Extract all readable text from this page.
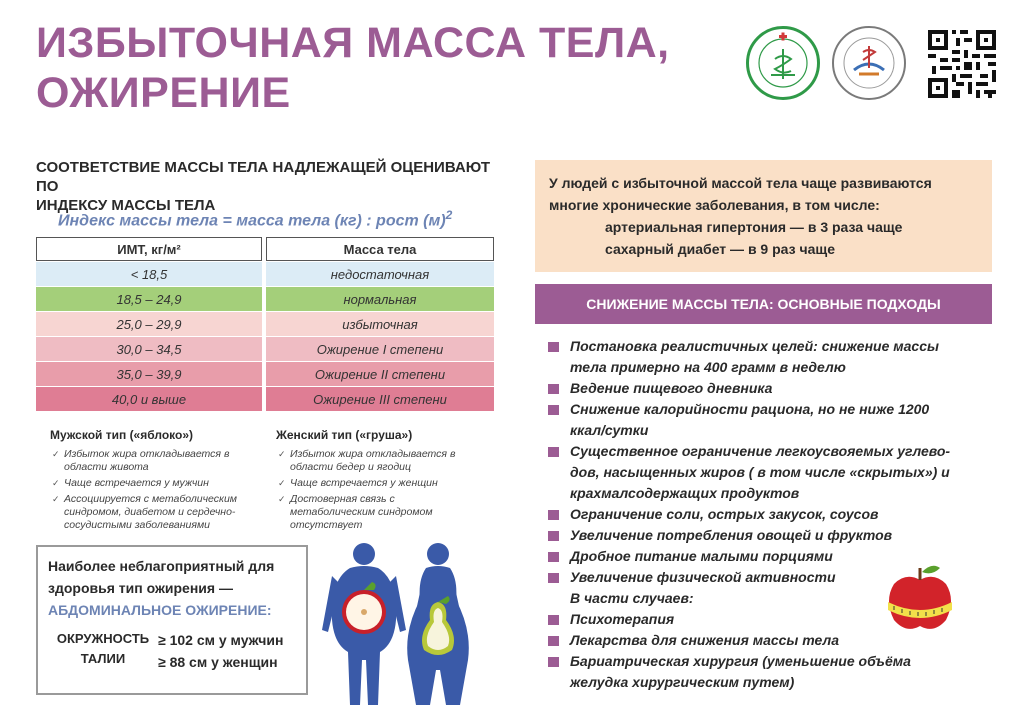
ИЗБЫТОЧНАЯ МАССА ТЕЛА,
ОЖИРЕНИЕ
СООТВЕТСТВИЕ МАССЫ ТЕЛА НАДЛЕЖАЩЕЙ ОЦЕНИВАЮТ ПО
ИНДЕКСУ МАССЫ ТЕЛА
Индекс массы тела = масса тела (кг) : рост $(м)^2$
ИМТ, кг/м²	Масса тела
< 18,5	недостаточная
18,5 – 24,9	нормальная
25,0 – 29,9	избыточная
30,0 – 34,5	Ожирение I степени
35,0 – 39,9	Ожирение II степени
40,0 и выше	Ожирение III степени
Мужской тип («яблоко»)
✓ Избыток жира откладывается в области живота
✓ Чаще встречается у мужчин
✓ Ассоциируется с метаболическим синдромом, диабетом и сердечно-сосудистыми заболеваниями
Женский тип («груша»)
✓ Избыток жира откладывается в области бедер и ягодиц
✓ Чаще встречается у женщин
✓ Достоверная связь с метаболическим синдромом отсутствует
Наиболее неблагоприятный для
здоровья тип ожирения —
АБДОМИНАЛЬНОЕ ОЖИРЕНИЕ:
ОКРУЖНОСТЬ
ТАЛИИ
≥ 102 см у мужчин
≥ 88 см у женщин
У людей с избыточной массой тела чаще развиваются
многие хронические заболевания, в том числе:
артериальная гипертония — в 3 раза чаще
сахарный диабет — в 9 раз чаще
СНИЖЕНИЕ МАССЫ ТЕЛА: ОСНОВНЫЕ ПОДХОДЫ
Постановка реалистичных целей: снижение массы
тела примерно на 400 грамм в неделю
Ведение пищевого дневника
Снижение калорийности рациона, но не ниже 1200
ккал/сутки
Существенное ограничение легкоусвояемых углево-
дов, насыщенных жиров ( в том числе «скрытых») и
крахмалсодержащих продуктов
Ограничение соли, острых закусок, соусов
Увеличение потребления овощей и фруктов
Дробное питание малыми порциями
Увеличение физической активности
В части случаев:
Психотерапия
Лекарства для снижения массы тела
Бариатрическая хирургия (уменьшение объёма
желудка хирургическим путем)
